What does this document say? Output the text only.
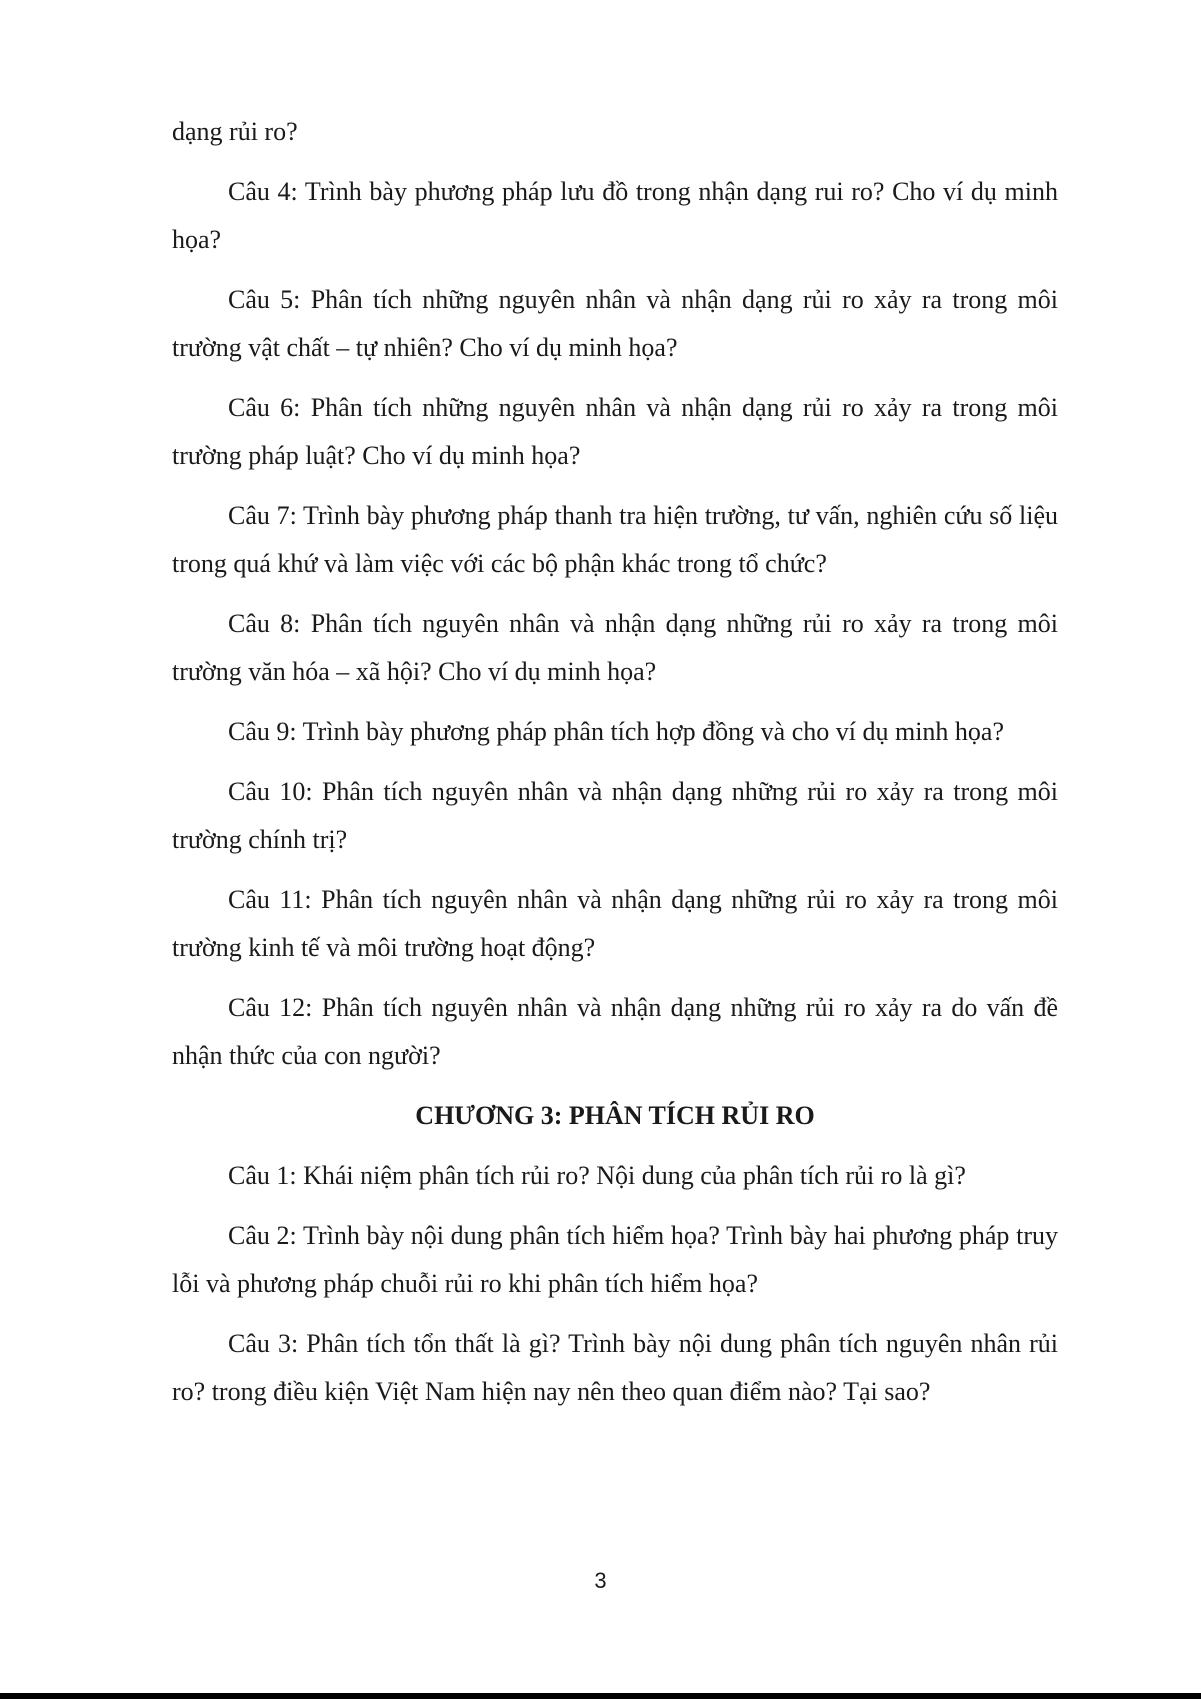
dạng rủi ro?

Câu 4: Trình bày phương pháp lưu đồ trong nhận dạng rui ro? Cho ví dụ minh họa?

Câu 5: Phân tích những nguyên nhân và nhận dạng rủi ro xảy ra trong môi trường vật chất – tự nhiên? Cho ví dụ minh họa?

Câu 6: Phân tích những nguyên nhân và nhận dạng rủi ro xảy ra trong môi trường pháp luật? Cho ví dụ minh họa?

Câu 7: Trình bày phương pháp thanh tra hiện trường, tư vấn, nghiên cứu số liệu trong quá khứ và làm việc với các bộ phận khác trong tổ chức?

Câu 8: Phân tích nguyên nhân và nhận dạng những rủi ro xảy ra trong môi trường văn hóa – xã hội? Cho ví dụ minh họa?

Câu 9: Trình bày phương pháp phân tích hợp đồng và cho ví dụ minh họa?

Câu 10: Phân tích nguyên nhân và nhận dạng những rủi ro xảy ra trong môi trường chính trị?

Câu 11: Phân tích nguyên nhân và nhận dạng những rủi ro xảy ra trong môi trường kinh tế và môi trường hoạt động?

Câu 12: Phân tích nguyên nhân và nhận dạng những rủi ro xảy ra do vấn đề nhận thức của con người?

CHƯƠNG 3: PHÂN TÍCH RỦI RO

Câu 1: Khái niệm phân tích rủi ro? Nội dung của phân tích rủi ro là gì?

Câu 2: Trình bày nội dung phân tích hiểm họa? Trình bày hai phương pháp truy lỗi và phương pháp chuỗi rủi ro khi phân tích hiểm họa?

Câu 3: Phân tích tổn thất là gì? Trình bày nội dung phân tích nguyên nhân rủi ro? trong điều kiện Việt Nam hiện nay nên theo quan điểm nào? Tại sao?

3
